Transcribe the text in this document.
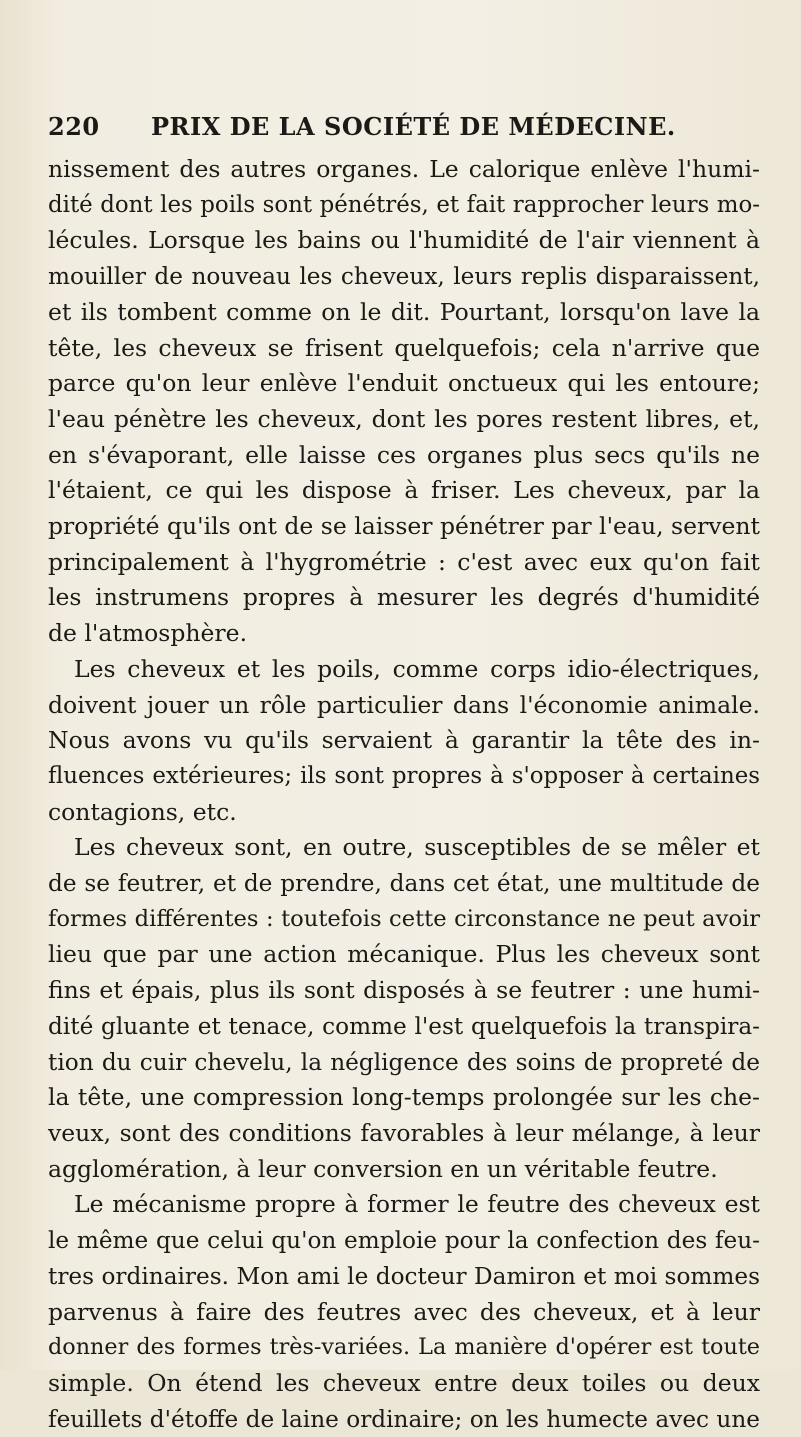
220 PRIX DE LA SOCIÉTÉ DE MÉDECINE.
nissement des autres organes. Le calorique enlève l'humi-
dité dont les poils sont pénétrés, et fait rapprocher leurs mo-
lécules. Lorsque les bains ou l'humidité de l'air viennent à
mouiller de nouveau les cheveux, leurs replis disparaissent,
et ils tombent comme on le dit. Pourtant, lorsqu'on lave la
tête, les cheveux se frisent quelquefois; cela n'arrive que
parce qu'on leur enlève l'enduit onctueux qui les entoure;
l'eau pénètre les cheveux, dont les pores restent libres, et,
en s'évaporant, elle laisse ces organes plus secs qu'ils ne
l'étaient, ce qui les dispose à friser. Les cheveux, par la
propriété qu'ils ont de se laisser pénétrer par l'eau, servent
principalement à l'hygrométrie : c'est avec eux qu'on fait
les instrumens propres à mesurer les degrés d'humidité
de l'atmosphère.
Les cheveux et les poils, comme corps idio-électriques,
doivent jouer un rôle particulier dans l'économie animale.
Nous avons vu qu'ils servaient à garantir la tête des in-
fluences extérieures; ils sont propres à s'opposer à certaines
contagions, etc.
Les cheveux sont, en outre, susceptibles de se mêler et
de se feutrer, et de prendre, dans cet état, une multitude de
formes différentes : toutefois cette circonstance ne peut avoir
lieu que par une action mécanique. Plus les cheveux sont
fins et épais, plus ils sont disposés à se feutrer : une humi-
dité gluante et tenace, comme l'est quelquefois la transpira-
tion du cuir chevelu, la négligence des soins de propreté de
la tête, une compression long-temps prolongée sur les che-
veux, sont des conditions favorables à leur mélange, à leur
agglomération, à leur conversion en un véritable feutre.
Le mécanisme propre à former le feutre des cheveux est
le même que celui qu'on emploie pour la confection des feu-
tres ordinaires. Mon ami le docteur Damiron et moi sommes
parvenus à faire des feutres avec des cheveux, et à leur
donner des formes très-variées. La manière d'opérer est toute
simple. On étend les cheveux entre deux toiles ou deux
feuillets d'étoffe de laine ordinaire; on les humecte avec une
